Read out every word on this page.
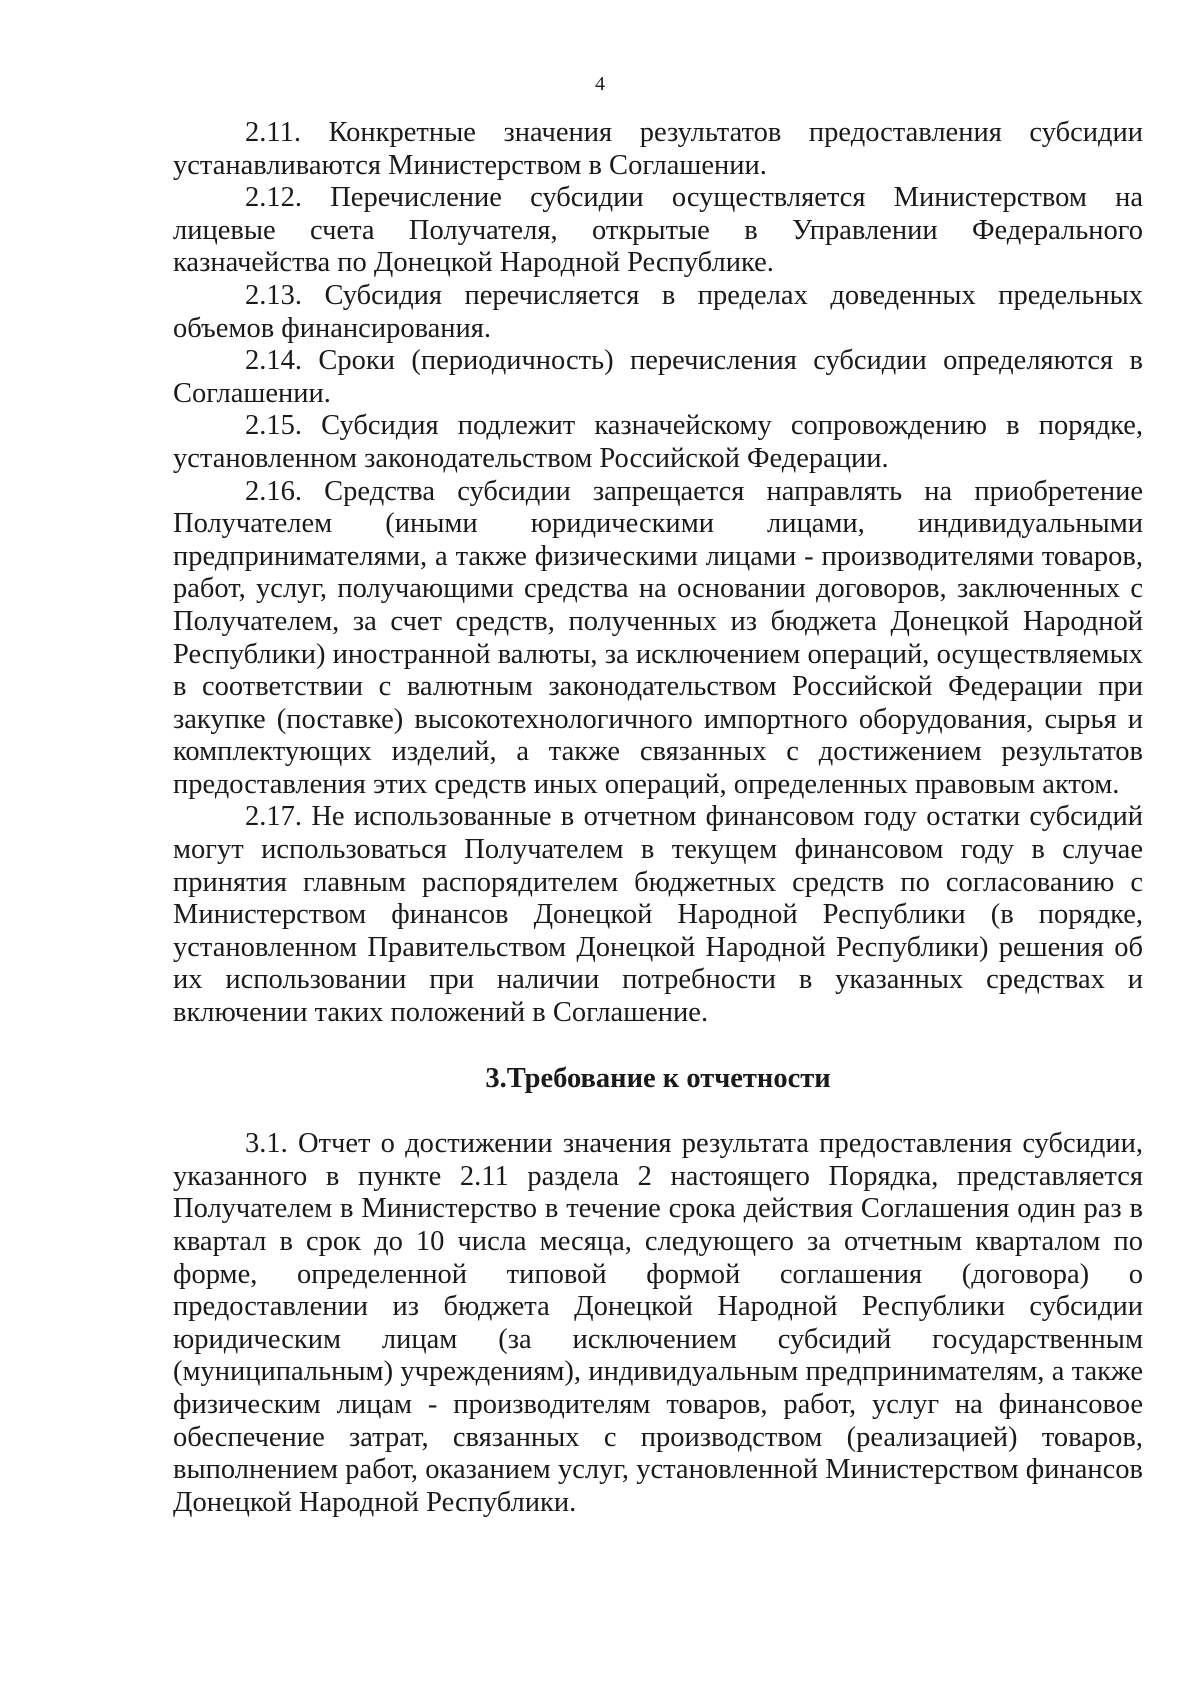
4

2.11. Конкретные значения результатов предоставления субсидии устанавливаются Министерством в Соглашении.

2.12. Перечисление субсидии осуществляется Министерством на лицевые счета Получателя, открытые в Управлении Федерального казначейства по Донецкой Народной Республике.

2.13. Субсидия перечисляется в пределах доведенных предельных объемов финансирования.

2.14. Сроки (периодичность) перечисления субсидии определяются в Соглашении.

2.15. Субсидия подлежит казначейскому сопровождению в порядке, установленном законодательством Российской Федерации.

2.16. Средства субсидии запрещается направлять на приобретение Получателем (иными юридическими лицами, индивидуальными предпринимателями, а также физическими лицами - производителями товаров, работ, услуг, получающими средства на основании договоров, заключенных с Получателем, за счет средств, полученных из бюджета Донецкой Народной Республики) иностранной валюты, за исключением операций, осуществляемых в соответствии с валютным законодательством Российской Федерации при закупке (поставке) высокотехнологичного импортного оборудования, сырья и комплектующих изделий, а также связанных с достижением результатов предоставления этих средств иных операций, определенных правовым актом.

2.17. Не использованные в отчетном финансовом году остатки субсидий могут использоваться Получателем в текущем финансовом году в случае принятия главным распорядителем бюджетных средств по согласованию с Министерством финансов Донецкой Народной Республики (в порядке, установленном Правительством Донецкой Народной Республики) решения об их использовании при наличии потребности в указанных средствах и включении таких положений в Соглашение.

3.Требование к отчетности

3.1. Отчет о достижении значения результата предоставления субсидии, указанного в пункте 2.11 раздела 2 настоящего Порядка, представляется Получателем в Министерство в течение срока действия Соглашения один раз в квартал в срок до 10 числа месяца, следующего за отчетным кварталом по форме, определенной типовой формой соглашения (договора) о предоставлении из бюджета Донецкой Народной Республики субсидии юридическим лицам (за исключением субсидий государственным (муниципальным) учреждениям), индивидуальным предпринимателям, а также физическим лицам - производителям товаров, работ, услуг на финансовое обеспечение затрат, связанных с производством (реализацией) товаров, выполнением работ, оказанием услуг, установленной Министерством финансов Донецкой Народной Республики.
